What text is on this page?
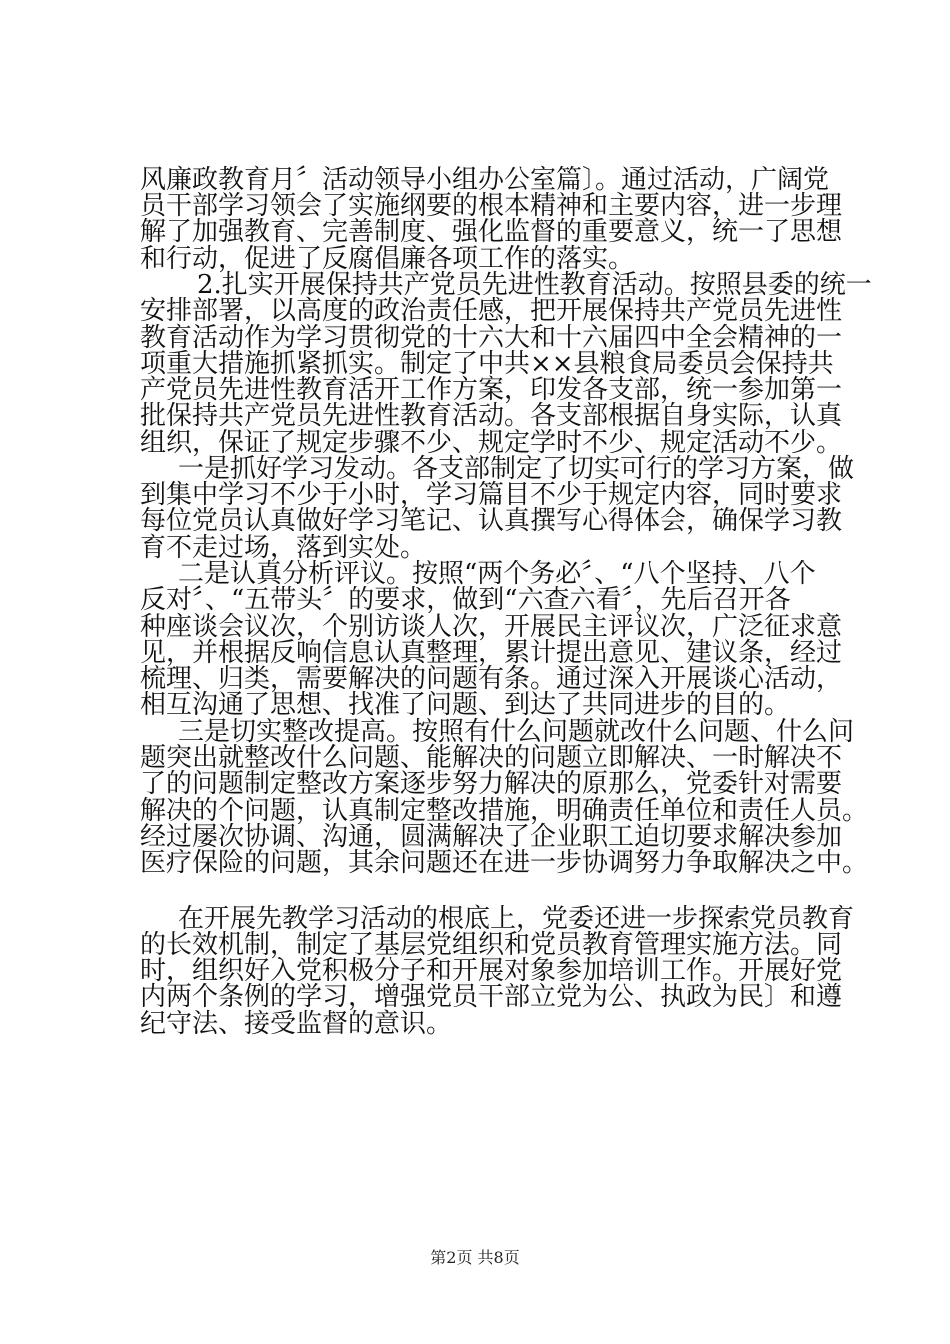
风廉政教育月〞活动领导小组办公室篇〕。通过活动，广阔党
员干部学习领会了实施纲要的根本精神和主要内容，进一步理
解了加强教育、完善制度、强化监督的重要意义，统一了思想
和行动，促进了反腐倡廉各项工作的落实。
2.扎实开展保持共产党员先进性教育活动。按照县委的统一
安排部署，以高度的政治责任感，把开展保持共产党员先进性
教育活动作为学习贯彻党的十六大和十六届四中全会精神的一
项重大措施抓紧抓实。制定了中共××县粮食局委员会保持共
产党员先进性教育活开工作方案，印发各支部，统一参加第一
批保持共产党员先进性教育活动。各支部根据自身实际，认真
组织，保证了规定步骤不少、规定学时不少、规定活动不少。
一是抓好学习发动。各支部制定了切实可行的学习方案，做
到集中学习不少于小时，学习篇目不少于规定内容，同时要求
每位党员认真做好学习笔记、认真撰写心得体会，确保学习教
育不走过场，落到实处。
二是认真分析评议。按照“两个务必〞、“八个坚持、八个
反对〞、“五带头〞的要求，做到“六查六看〞，先后召开各
种座谈会议次，个别访谈人次，开展民主评议次，广泛征求意
见，并根据反响信息认真整理，累计提出意见、建议条，经过
梳理、归类，需要解决的问题有条。通过深入开展谈心活动，
相互沟通了思想、找准了问题、到达了共同进步的目的。
三是切实整改提高。按照有什么问题就改什么问题、什么问
题突出就整改什么问题、能解决的问题立即解决、一时解决不
了的问题制定整改方案逐步努力解决的原那么，党委针对需要
解决的个问题，认真制定整改措施，明确责任单位和责任人员。
经过屡次协调、沟通，圆满解决了企业职工迫切要求解决参加
医疗保险的问题，其余问题还在进一步协调努力争取解决之中。
在开展先教学习活动的根底上，党委还进一步探索党员教育
的长效机制，制定了基层党组织和党员教育管理实施方法。同
时，组织好入党积极分子和开展对象参加培训工作。开展好党
内两个条例的学习，增强党员干部立党为公、执政为民〕和遵
纪守法、接受监督的意识。
第2页 共8页
